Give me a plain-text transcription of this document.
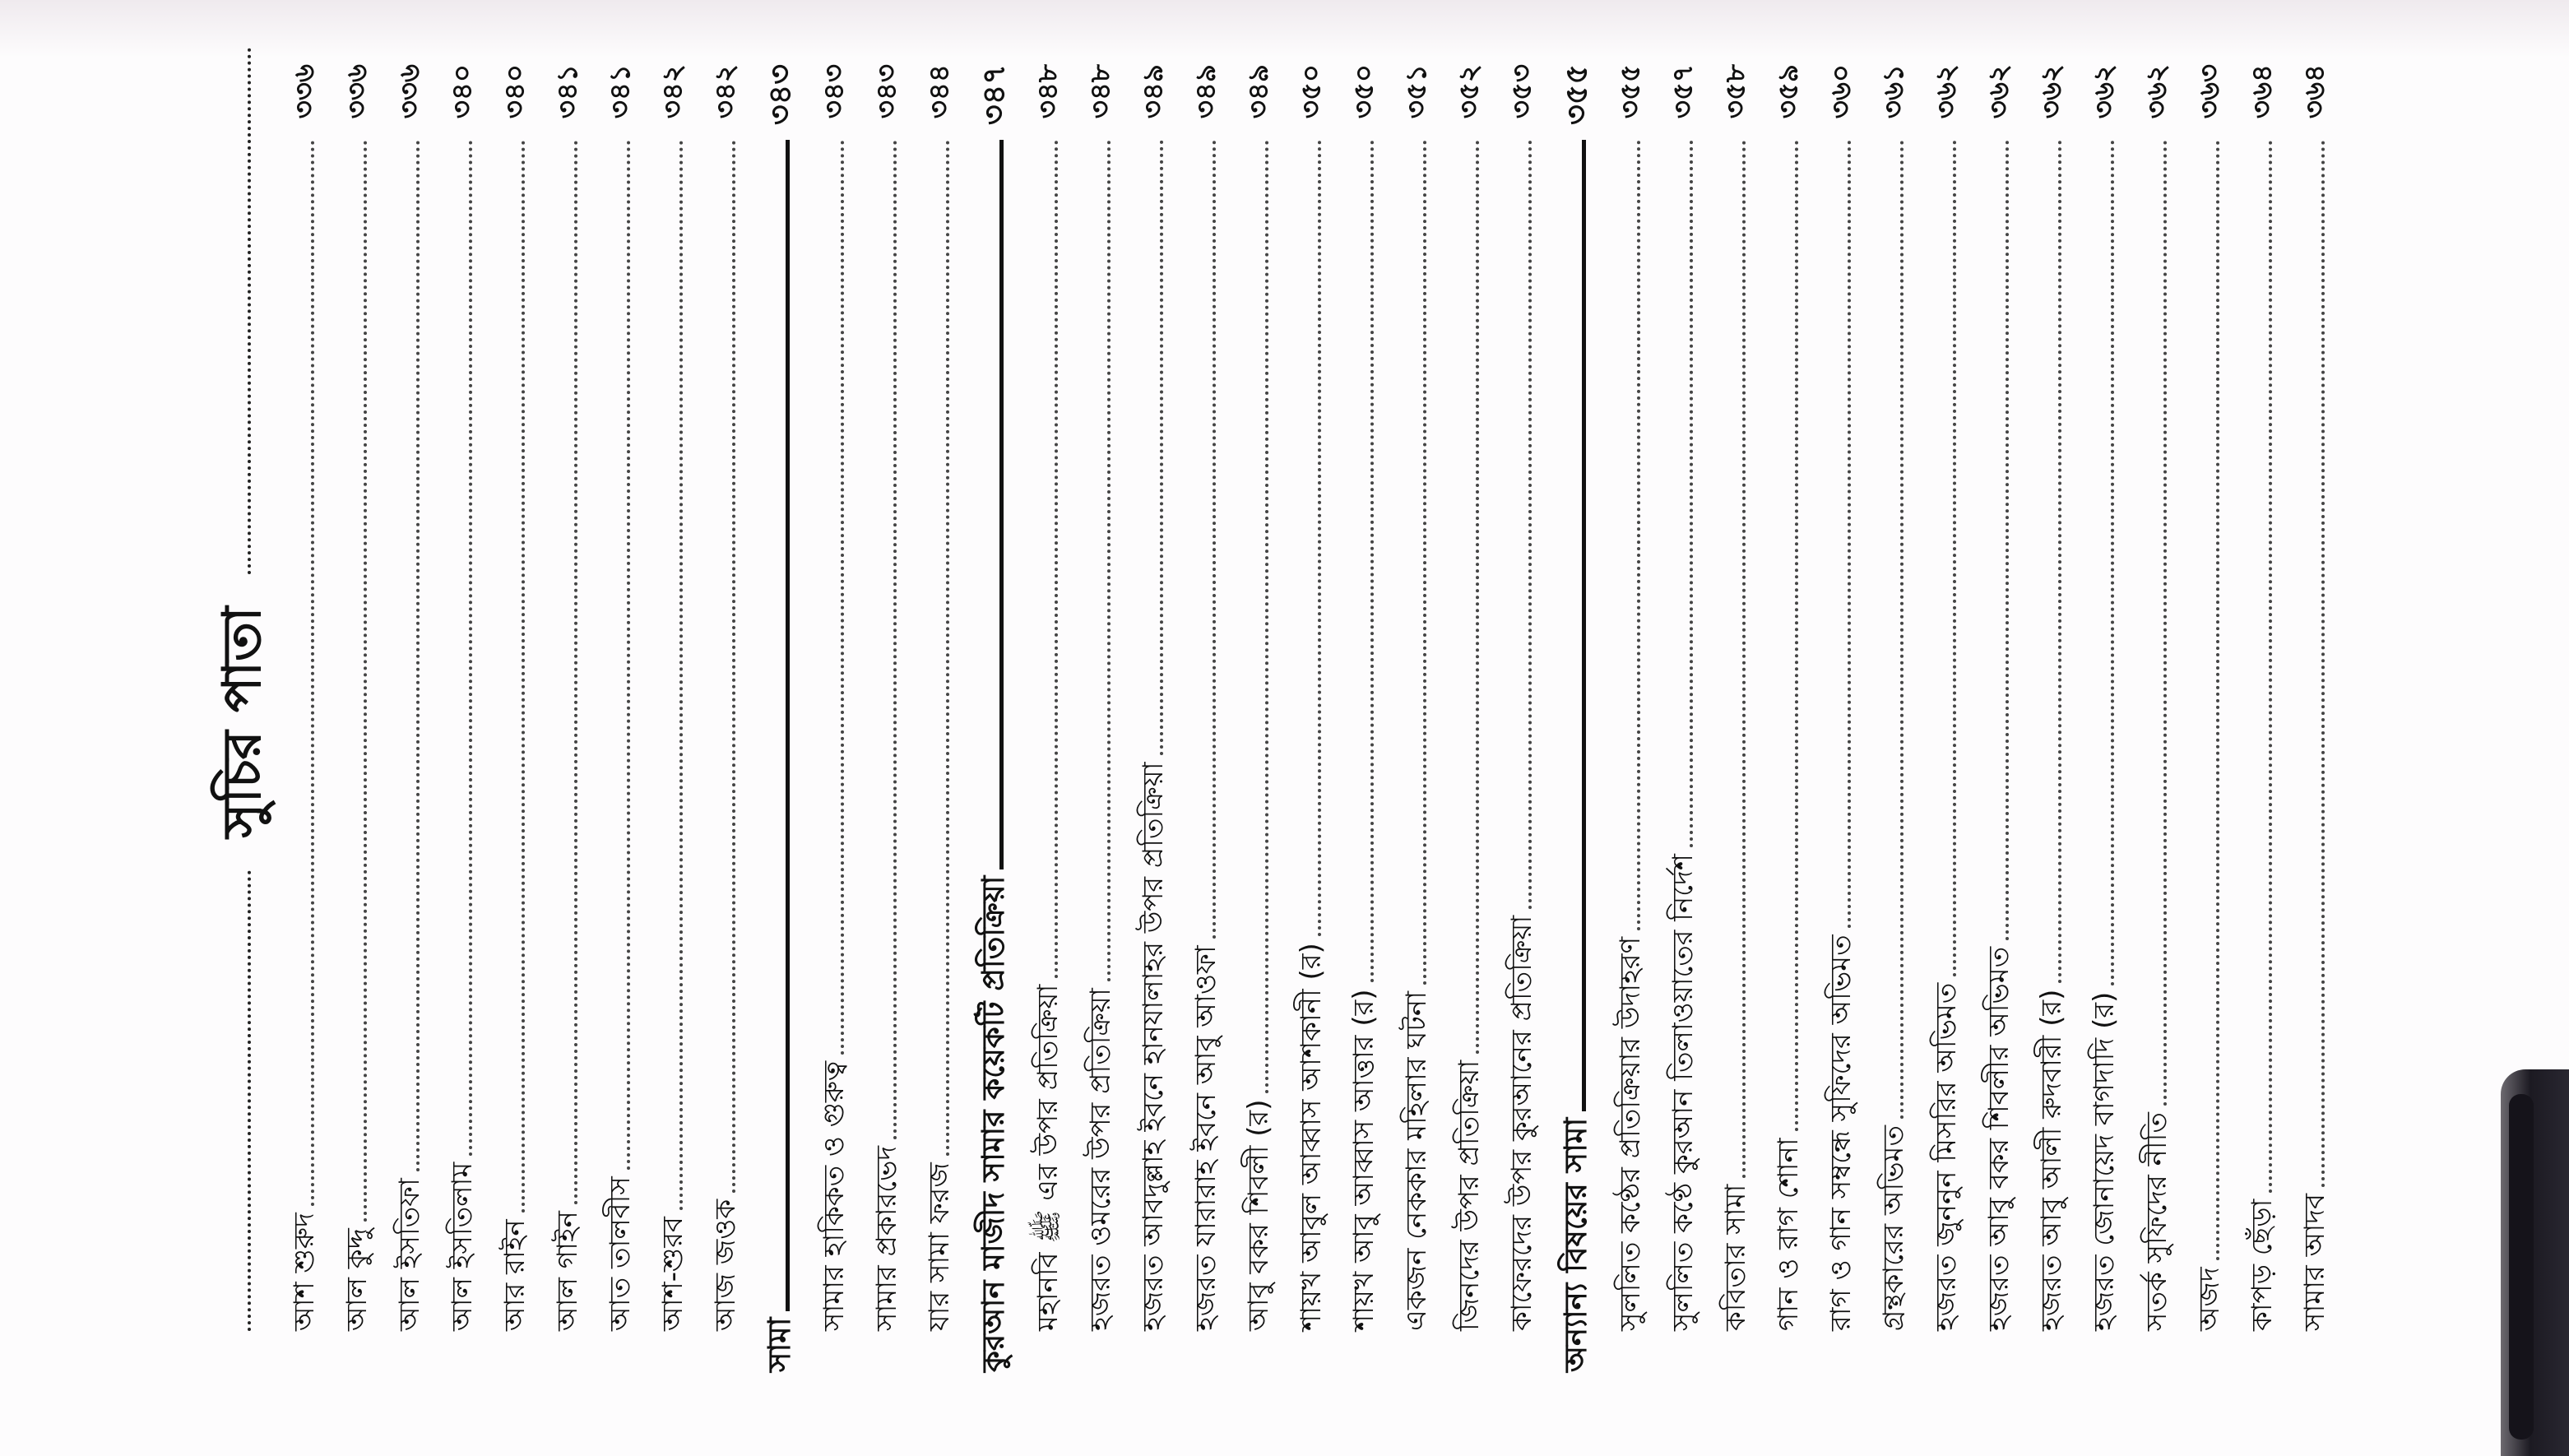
সুচির পাতা
আশ শুরুদ
৩৩৬
আল কুদ্দু
৩৩৬
আল ইসতিফা
৩৩৬
আল ইসতিলাম
৩৪০
আর রাইন
৩৪০
আল গাইন
৩৪১
আত তালবীস
৩৪১
আশ-শুরব
৩৪২
আজ জওক
৩৪২
সামা
৩৪৩
সামার হাকিকত ও গুরুত্ব
৩৪৩
সামার প্রকারভেদ
৩৪৩
যার সামা ফরজ
৩৪৪
কুরআন মাজীদ সামার কয়েকটি প্রতিক্রিয়া
৩৪৭
মহানবি ﷺ এর উপর প্রতিক্রিয়া
৩৪৮
হজরত ওমরের উপর প্রতিক্রিয়া
৩৪৮
হজরত আবদুল্লাহ ইবনে হানযালাহর উপর প্রতিক্রিয়া
৩৪৯
হজরত যারারাহ ইবনে আবু আওফা
৩৪৯
আবু বকর শিবলী (র)
৩৪৯
শায়খ আবুল আব্বাস আশকানী (র)
৩৫০
শায়খ আবু আব্বাস আত্তার (র)
৩৫০
একজন নেককার মহিলার ঘটনা
৩৫১
জিনদের উপর প্রতিক্রিয়া
৩৫২
কাফেরদের উপর কুরআনের প্রতিক্রিয়া
৩৫৩
অন্যান্য বিষয়ের সামা
৩৫৫
সুললিত কণ্ঠের প্রতিক্রিয়ার উদাহরণ
৩৫৫
সুললিত কণ্ঠে কুরআন তিলাওয়াতের নির্দেশ
৩৫৭
কবিতার সামা
৩৫৮
গান ও রাগ শোনা
৩৫৯
রাগ ও গান সম্বন্ধে সুফিদের অভিমত
৩৬০
গ্রন্থকারের অভিমত
৩৬১
হজরত জুননুন মিসরির অভিমত
৩৬২
হজরত আবু বকর শিবলীর অভিমত
৩৬২
হজরত আবু আলী রুদবারী (র)
৩৬২
হজরত জোনায়েদ বাগদাদি (র)
৩৬২
সতর্ক সুফিদের নীতি
৩৬২
অজদ
৩৬৩
কাপড় ছেঁড়া
৩৬৪
সামার আদব
৩৬৪
